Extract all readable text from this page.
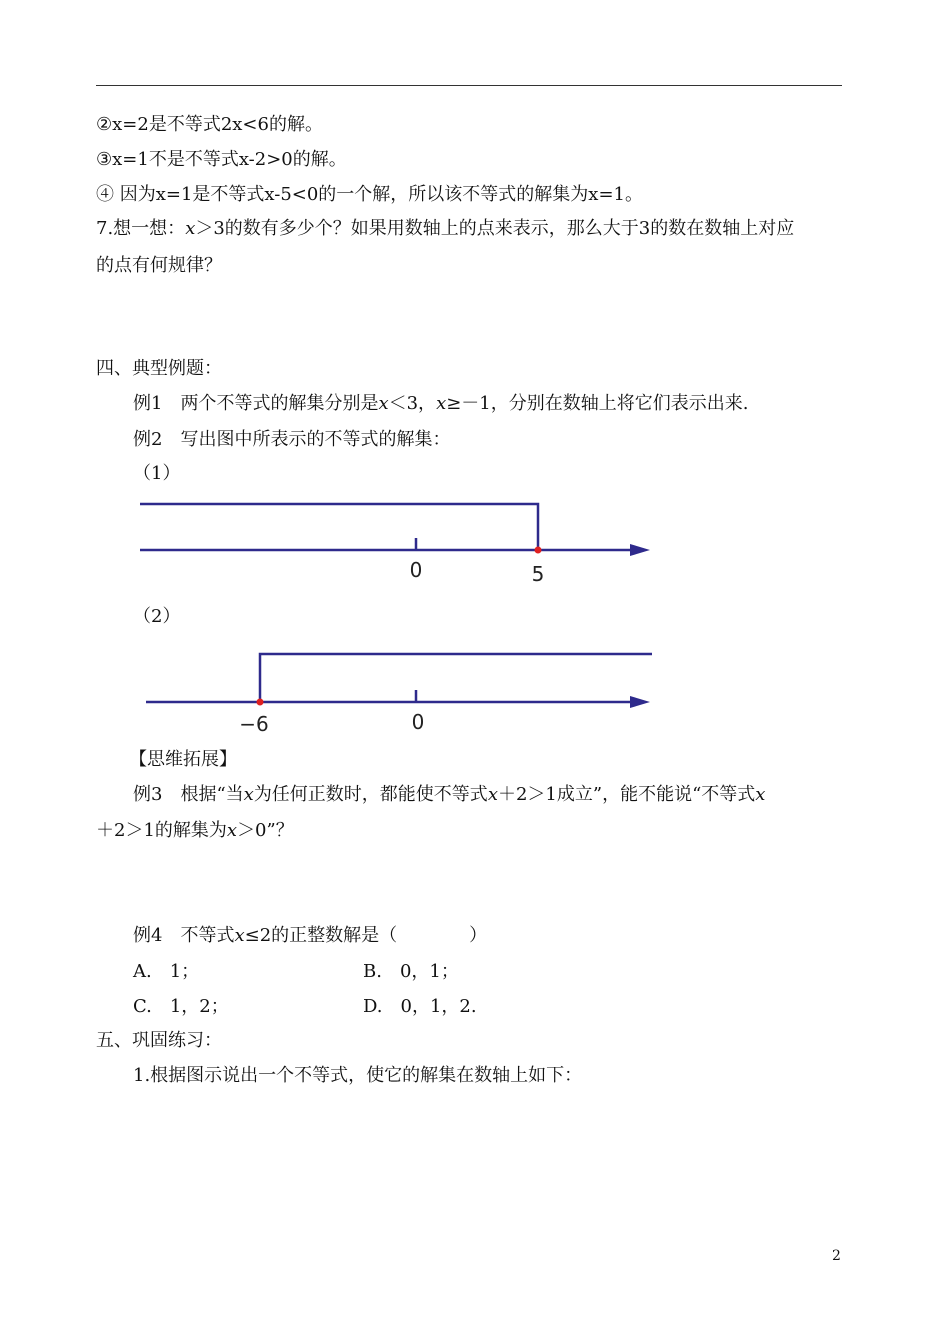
②x=2是不等式2x<6的解。
③x=1不是不等式x-2>0的解。
④ 因为x=1是不等式x-5<0的一个解，所以该不等式的解集为x=1。
7.想一想：x＞3的数有多少个？如果用数轴上的点来表示，那么大于3的数在数轴上对应
的点有何规律？
四、典型例题：
例1　两个不等式的解集分别是x＜3，x≥－1，分别在数轴上将它们表示出来.
例2　写出图中所表示的不等式的解集：
（1）
0	5
（2）
−6	0
【思维拓展】
例3　根据“当x为任何正数时，都能使不等式x＋2＞1成立”，能不能说“不等式x
＋2＞1的解集为x＞0”？
例4　不等式x≤2的正整数解是（　　　　）
A.　1；	B.　0，1；
C.　1，2；	D.　0，1，2.
五、巩固练习：
1.根据图示说出一个不等式，使它的解集在数轴上如下：
2
